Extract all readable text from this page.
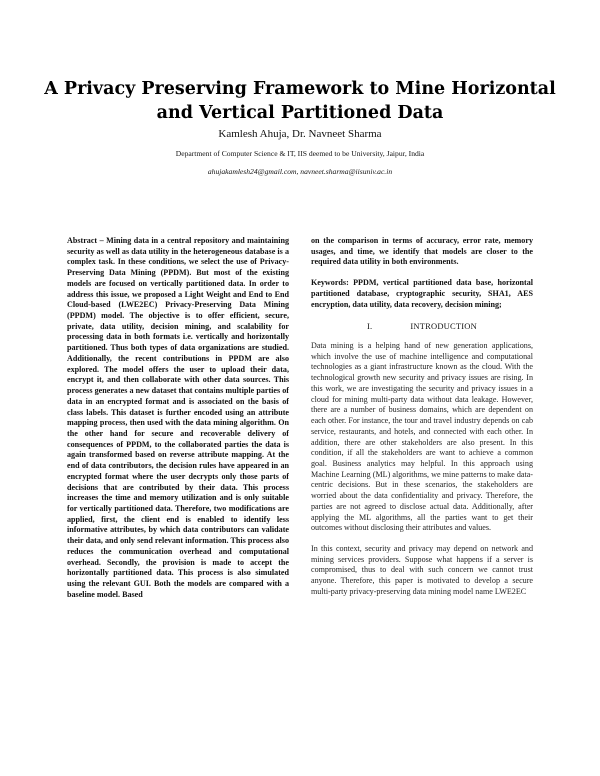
A Privacy Preserving Framework to Mine Horizontal and Vertical Partitioned Data
Kamlesh Ahuja, Dr. Navneet Sharma
Department of Computer Science & IT, IIS deemed to be University, Jaipur, India
ahujakamlesh24@gmail.com, navneet.sharma@iisuniv.ac.in

Abstract – Mining data in a central repository and maintaining security as well as data utility in the heterogeneous database is a complex task. In these conditions, we select the use of Privacy-Preserving Data Mining (PPDM). But most of the existing models are focused on vertically partitioned data. In order to address this issue, we proposed a Light Weight and End to End Cloud-based (LWE2EC) Privacy-Preserving Data Mining (PPDM) model. The objective is to offer efficient, secure, private, data utility, decision mining, and scalability for processing data in both formats i.e. vertically and horizontally partitioned. Thus both types of data organizations are studied. Additionally, the recent contributions in PPDM are also explored. The model offers the user to upload their data, encrypt it, and then collaborate with other data sources. This process generates a new dataset that contains multiple parties of data in an encrypted format and is associated on the basis of class labels. This dataset is further encoded using an attribute mapping process, then used with the data mining algorithm. On the other hand for secure and recoverable delivery of consequences of PPDM, to the collaborated parties the data is again transformed based on reverse attribute mapping. At the end of data contributors, the decision rules have appeared in an encrypted format where the user decrypts only those parts of decisions that are contributed by their data. This process increases the time and memory utilization and is only suitable for vertically partitioned data. Therefore, two modifications are applied, first, the client end is enabled to identify less informative attributes, by which data contributors can validate their data, and only send relevant information. This process also reduces the communication overhead and computational overhead. Secondly, the provision is made to accept the horizontally partitioned data. This process is also simulated using the relevant GUI. Both the models are compared with a baseline model. Based

on the comparison in terms of accuracy, error rate, memory usages, and time, we identify that models are closer to the required data utility in both environments.

Keywords: PPDM, vertical partitioned data base, horizontal partitioned database, cryptographic security, SHA1, AES encryption, data utility, data recovery, decision mining;

I.	INTRODUCTION

Data mining is a helping hand of new generation applications, which involve the use of machine intelligence and computational technologies as a giant infrastructure known as the cloud. With the technological growth new security and privacy issues are rising. In this work, we are investigating the security and privacy issues in a cloud for mining multi-party data without data leakage. However, there are a number of business domains, which are dependent on each other. For instance, the tour and travel industry depends on cab service, restaurants, and hotels, and connected with each other. In addition, there are other stakeholders are also present. In this condition, if all the stakeholders are want to achieve a common goal. Business analytics may helpful. In this approach using Machine Learning (ML) algorithms, we mine patterns to make data-centric decisions. But in these scenarios, the stakeholders are worried about the data confidentiality and privacy. Therefore, the parties are not agreed to disclose actual data. Additionally, after applying the ML algorithms, all the parties want to get their outcomes without disclosing their attributes and values.

In this context, security and privacy may depend on network and mining services providers. Suppose what happens if a server is compromised, thus to deal with such concern we cannot trust anyone. Therefore, this paper is motivated to develop a secure multi-party privacy-preserving data mining model name LWE2EC
